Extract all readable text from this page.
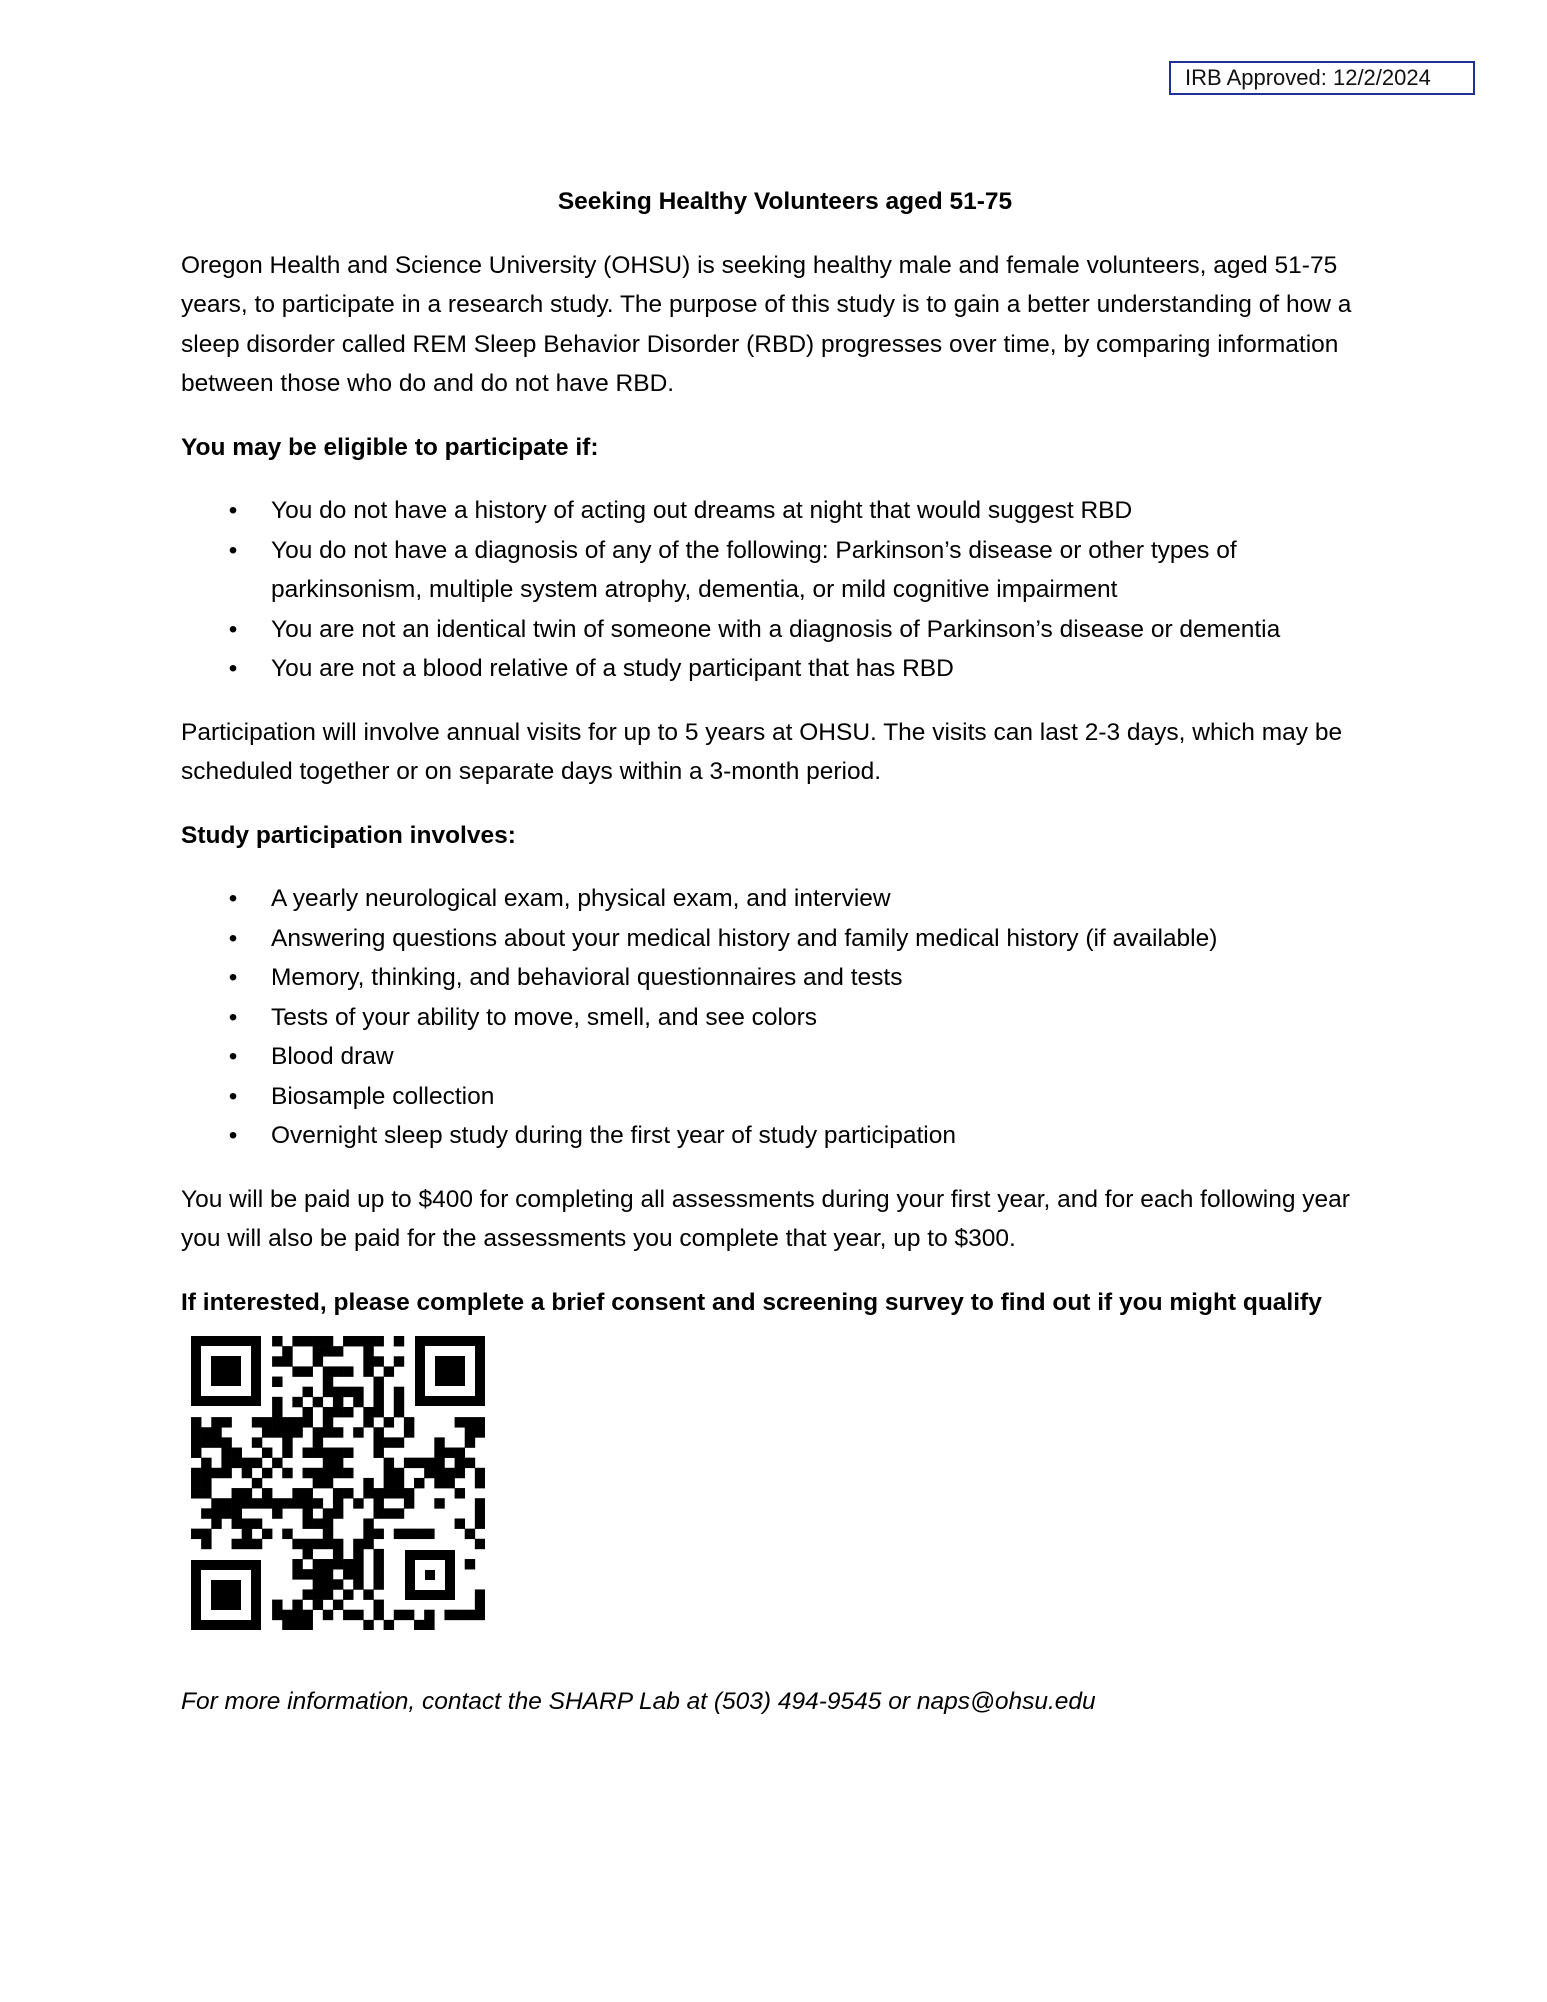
IRB Approved: 12/2/2024
Seeking Healthy Volunteers aged 51-75

Oregon Health and Science University (OHSU) is seeking healthy male and female volunteers, aged 51-75 years, to participate in a research study. The purpose of this study is to gain a better understanding of how a sleep disorder called REM Sleep Behavior Disorder (RBD) progresses over time, by comparing information between those who do and do not have RBD.

You may be eligible to participate if:

• You do not have a history of acting out dreams at night that would suggest RBD
• You do not have a diagnosis of any of the following: Parkinson’s disease or other types of parkinsonism, multiple system atrophy, dementia, or mild cognitive impairment
• You are not an identical twin of someone with a diagnosis of Parkinson’s disease or dementia
• You are not a blood relative of a study participant that has RBD

Participation will involve annual visits for up to 5 years at OHSU. The visits can last 2-3 days, which may be scheduled together or on separate days within a 3-month period.

Study participation involves:

• A yearly neurological exam, physical exam, and interview
• Answering questions about your medical history and family medical history (if available)
• Memory, thinking, and behavioral questionnaires and tests
• Tests of your ability to move, smell, and see colors
• Blood draw
• Biosample collection
• Overnight sleep study during the first year of study participation

You will be paid up to $400 for completing all assessments during your first year, and for each following year you will also be paid for the assessments you complete that year, up to $300.

If interested, please complete a brief consent and screening survey to find out if you might qualify

For more information, contact the SHARP Lab at (503) 494-9545 or naps@ohsu.edu
